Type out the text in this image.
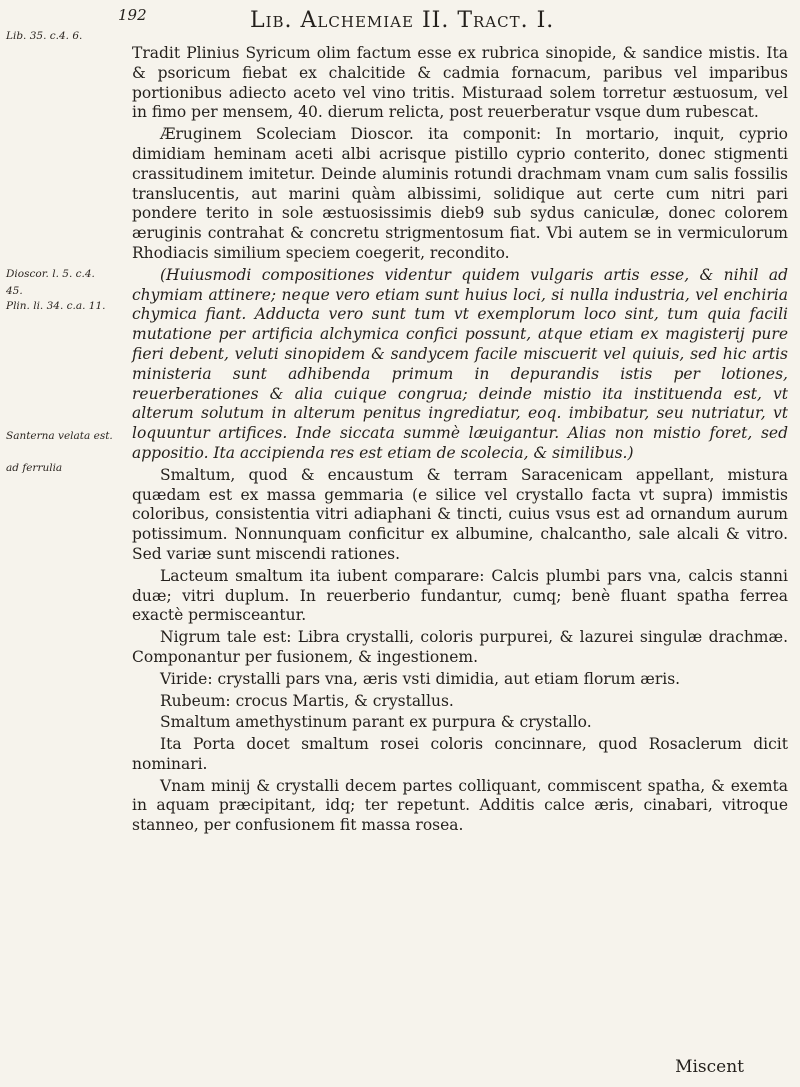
192	Lib. Alchemiae II. Tract. I.
Lib. 35. c.4. 6.
Dioscor. l. 5. c.4.
45.
Plin. li. 34. c.a. 11.
Santerna velata est.
ad ferrulia

Tradit Plinius Syricum olim factum esse ex rubrica sinopide, & sandice mistis. Ita & psoricum fiebat ex chalcitide & cadmia fornacum, paribus vel imparibus portionibus adiecto aceto vel vino tritis. Misturaad solem torretur æstuosum, vel in fimo per mensem, 40. dierum relicta, post reuerberatur vsque dum rubescat.

Æruginem Scoleciam Dioscor. ita componit: In mortario, inquit, cyprio dimidiam heminam aceti albi acrisque pistillo cyprio conterito, donec stigmenti crassitudinem imitetur. Deinde aluminis rotundi drachmam vnam cum salis fossilis translucentis, aut marini quàm albissimi, solidique aut certe cum nitri pari pondere terito in sole æstuosissimis dieb9 sub sydus caniculæ, donec colorem æruginis contrahat & concretu strigmentosum fiat. Vbi autem se in vermiculorum Rhodiacis similium speciem coegerit, recondito.

(Huiusmodi compositiones videntur quidem vulgaris artis esse, & nihil ad chymiam attinere; neque vero etiam sunt huius loci, si nulla industria, vel enchiria chymica fiant. Adducta vero sunt tum vt exemplorum loco sint, tum quia facili mutatione per artificia alchymica confici possunt, atque etiam ex magisterij pure fieri debent, veluti sinopidem & sandycem facile miscuerit vel quiuis, sed hic artis ministeria sunt adhibenda primum in depurandis istis per lotiones, reuerberationes & alia cuique congrua; deinde mistio ita instituenda est, vt alterum solutum in alterum penitus ingrediatur, eoq. imbibatur, seu nutriatur, vt loquuntur artifices. Inde siccata summè læuigantur. Alias non mistio foret, sed appositio. Ita accipienda res est etiam de scolecia, & similibus.)

Smaltum, quod & encaustum & terram Saracenicam appellant, mistura quædam est ex massa gemmaria (e silice vel crystallo facta vt supra) immistis coloribus, consistentia vitri adiaphani & tincti, cuius vsus est ad ornandum aurum potissimum. Nonnunquam conficitur ex albumine, chalcantho, sale alcali & vitro. Sed variæ sunt miscendi rationes.

Lacteum smaltum ita iubent comparare: Calcis plumbi pars vna, calcis stanni duæ; vitri duplum. In reuerberio fundantur, cumq; benè fluant spatha ferrea exactè permisceantur.

Nigrum tale est: Libra crystalli, coloris purpurei, & lazurei singulæ drachmæ. Componantur per fusionem, & ingestionem.

Viride: crystalli pars vna, æris vsti dimidia, aut etiam florum æris.

Rubeum: crocus Martis, & crystallus.

Smaltum amethystinum parant ex purpura & crystallo.

Ita Porta docet smaltum rosei coloris concinnare, quod Rosaclerum dicit nominari.

Vnam minij & crystalli decem partes colliquant, commiscent spatha, & exemta in aquam præcipitant, idq; ter repetunt. Additis calce æris, cinabari, vitroque stanneo, per confusionem fit massa rosea.

Miscent
